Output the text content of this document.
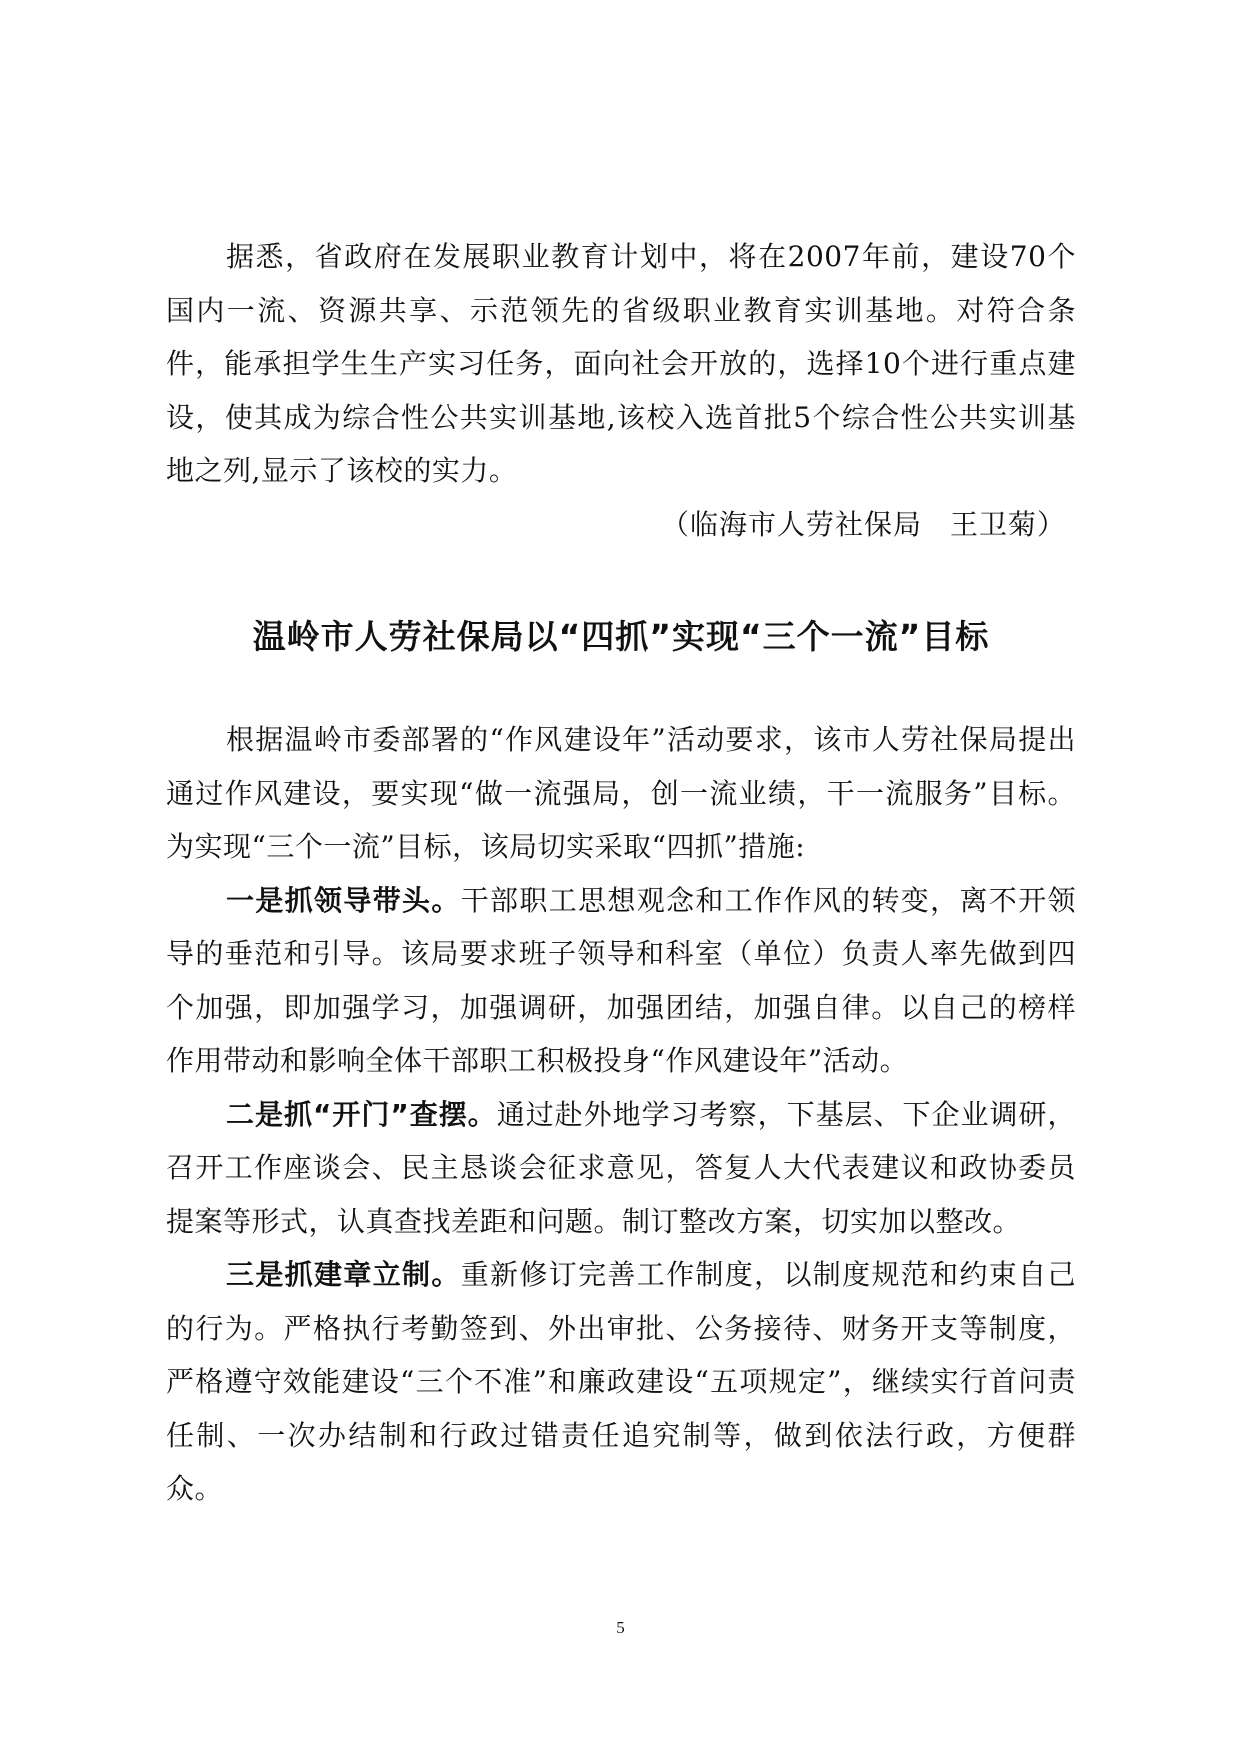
据悉，省政府在发展职业教育计划中，将在2007年前，建设70个国内一流、资源共享、示范领先的省级职业教育实训基地。对符合条件，能承担学生生产实习任务，面向社会开放的，选择10个进行重点建设，使其成为综合性公共实训基地,该校入选首批5个综合性公共实训基地之列,显示了该校的实力。

（临海市人劳社保局 王卫菊）

温岭市人劳社保局以“四抓”实现“三个一流”目标

根据温岭市委部署的“作风建设年”活动要求，该市人劳社保局提出通过作风建设，要实现“做一流强局，创一流业绩，干一流服务”目标。为实现“三个一流”目标，该局切实采取“四抓”措施:

一是抓领导带头。干部职工思想观念和工作作风的转变，离不开领导的垂范和引导。该局要求班子领导和科室（单位）负责人率先做到四个加强，即加强学习，加强调研，加强团结，加强自律。以自己的榜样作用带动和影响全体干部职工积极投身“作风建设年”活动。

二是抓“开门”查摆。通过赴外地学习考察，下基层、下企业调研，召开工作座谈会、民主恳谈会征求意见，答复人大代表建议和政协委员提案等形式，认真查找差距和问题。制订整改方案，切实加以整改。

三是抓建章立制。重新修订完善工作制度，以制度规范和约束自己的行为。严格执行考勤签到、外出审批、公务接待、财务开支等制度，严格遵守效能建设“三个不准”和廉政建设“五项规定”，继续实行首问责任制、一次办结制和行政过错责任追究制等，做到依法行政，方便群众。

5
